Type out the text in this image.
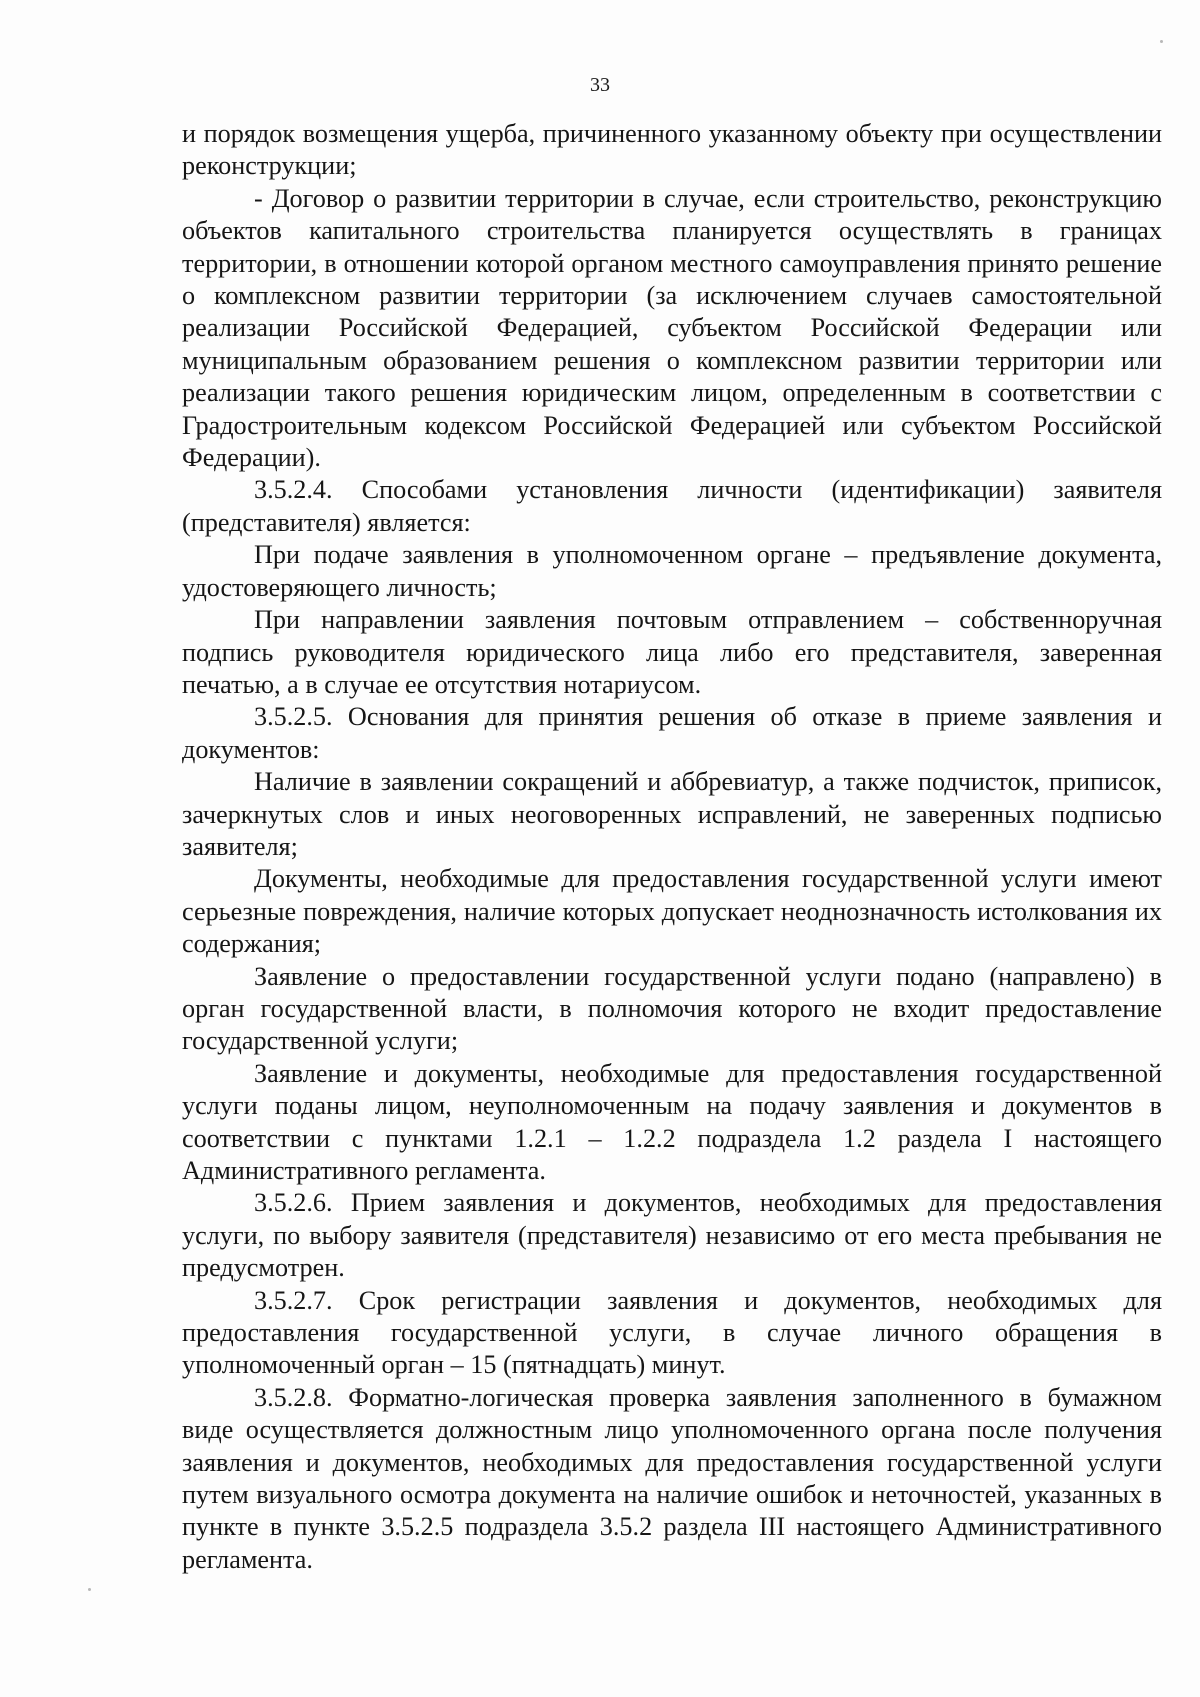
33

и порядок возмещения ущерба, причиненного указанному объекту при осуществлении реконструкции;

- Договор о развитии территории в случае, если строительство, реконструкцию объектов капитального строительства планируется осуществлять в границах территории, в отношении которой органом местного самоуправления принято решение о комплексном развитии территории (за исключением случаев самостоятельной реализации Российской Федерацией, субъектом Российской Федерации или муниципальным образованием решения о комплексном развитии территории или реализации такого решения юридическим лицом, определенным в соответствии с Градостроительным кодексом Российской Федерацией или субъектом Российской Федерации).

3.5.2.4. Способами установления личности (идентификации) заявителя (представителя) является:

При подаче заявления в уполномоченном органе – предъявление документа, удостоверяющего личность;

При направлении заявления почтовым отправлением – собственноручная подпись руководителя юридического лица либо его представителя, заверенная печатью, а в случае ее отсутствия нотариусом.

3.5.2.5. Основания для принятия решения об отказе в приеме заявления и документов:

Наличие в заявлении сокращений и аббревиатур, а также подчисток, приписок, зачеркнутых слов и иных неоговоренных исправлений, не заверенных подписью заявителя;

Документы, необходимые для предоставления государственной услуги имеют серьезные повреждения, наличие которых допускает неоднозначность истолкования их содержания;

Заявление о предоставлении государственной услуги подано (направлено) в орган государственной власти, в полномочия которого не входит предоставление государственной услуги;

Заявление и документы, необходимые для предоставления государственной услуги поданы лицом, неуполномоченным на подачу заявления и документов в соответствии с пунктами 1.2.1 – 1.2.2 подраздела 1.2 раздела I настоящего Административного регламента.

3.5.2.6. Прием заявления и документов, необходимых для предоставления услуги, по выбору заявителя (представителя) независимо от его места пребывания не предусмотрен.

3.5.2.7. Срок регистрации заявления и документов, необходимых для предоставления государственной услуги, в случае личного обращения в уполномоченный орган – 15 (пятнадцать) минут.

3.5.2.8. Форматно-логическая проверка заявления заполненного в бумажном виде осуществляется должностным лицо уполномоченного органа после получения заявления и документов, необходимых для предоставления государственной услуги путем визуального осмотра документа на наличие ошибок и неточностей, указанных в пункте в пункте 3.5.2.5 подраздела 3.5.2 раздела III настоящего Административного регламента.
